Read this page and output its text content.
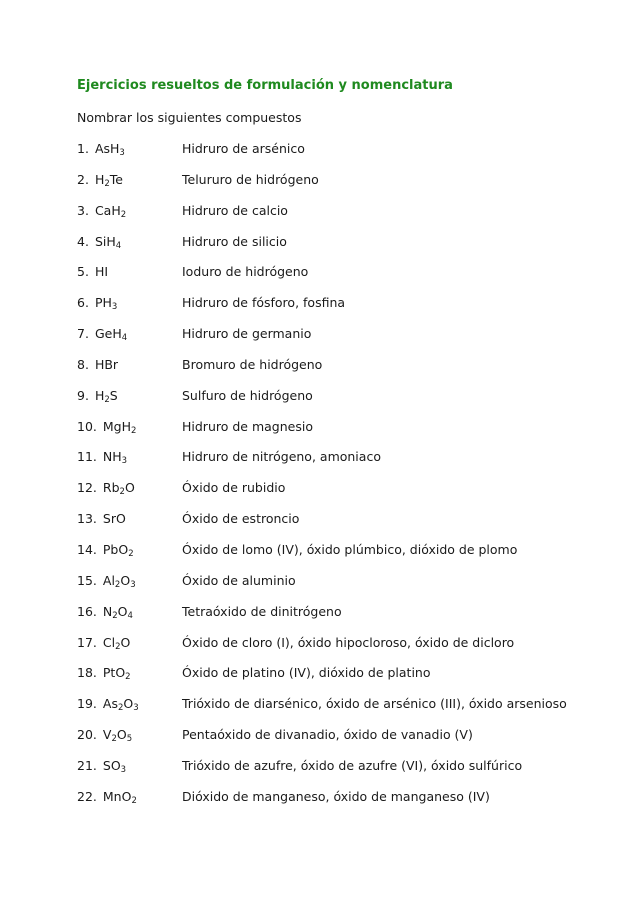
Ejercicios resueltos de formulación y nomenclatura
Nombrar los siguientes compuestos
1. AsH$_3$	Hidruro de arsénico
2. $H_2Te$	Telururo de hidrógeno
3. CaH$_2$	Hidruro de calcio
4. SiH$_4$	Hidruro de silicio
5. HI	Ioduro de hidrógeno
6. $PH_3$	Hidruro de fósforo, fosfina
7. GeH$_4$	Hidruro de germanio
8. HBr	Bromuro de hidrógeno
9. $H_2S$	Sulfuro de hidrógeno
10. MgH$_2$	Hidruro de magnesio
11. $NH_3$	Hidruro de nitrógeno, amoniaco
12. $Rb_2O$	Óxido de rubidio
13. SrO	Óxido de estroncio
14. PbO$_2$	Óxido de lomo (IV), óxido plúmbico, dióxido de plomo
15. $Al_2O_3$	Óxido de aluminio
16. $N_2O_4$	Tetraóxido de dinitrógeno
17. $Cl_2O$	Óxido de cloro (I), óxido hipocloroso, óxido de dicloro
18. PtO$_2$	Óxido de platino (IV), dióxido de platino
19. $As_2O_3$	Trióxido de diarsénico, óxido de arsénico (III), óxido arsenioso
20. $V_2O_5$	Pentaóxido de divanadio, óxido de vanadio (V)
21. $SO_3$	Trióxido de azufre, óxido de azufre (VI), óxido sulfúrico
22. MnO$_2$	Dióxido de manganeso, óxido de manganeso (IV)
